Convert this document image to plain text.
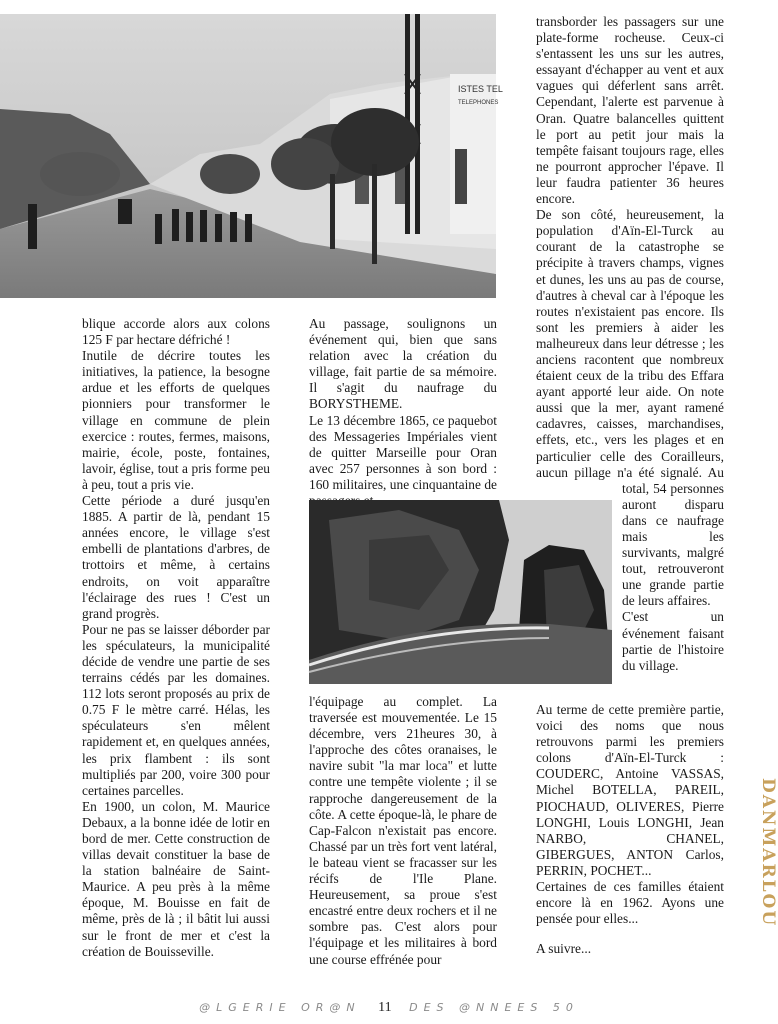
ISTES TEL
TELEPHONES

blique accorde alors aux colons 125 F par hectare défriché !

Inutile de décrire toutes les initiatives, la patience, la besogne ardue et les efforts de quelques pionniers pour transformer le village en commune de plein exercice : routes, fermes, maisons, mairie, école, poste, fontaines, lavoir, église, tout a pris forme peu à peu, tout a pris vie.

Cette période a duré jusqu'en 1885. A partir de là, pendant 15 années encore, le village s'est embelli de plantations d'arbres, de trottoirs et même, à certains endroits, on voit apparaître l'éclairage des rues ! C'est un grand progrès.

Pour ne pas se laisser déborder par les spéculateurs, la municipalité décide de vendre une partie de ses terrains cédés par les domaines. 112 lots seront proposés au prix de 0.75 F le mètre carré. Hélas, les spéculateurs s'en mêlent rapidement et, en quelques années, les prix flambent : ils sont multipliés par 200, voire 300 pour certaines parcelles.

En 1900, un colon, M. Maurice Debaux, a la bonne idée de lotir en bord de mer. Cette construction de villas devait constituer la base de la station balnéaire de Saint-Maurice. A peu près à la même époque, M. Bouisse en fait de même, près de là ; il bâtit lui aussi sur le front de mer et c'est la création de Bouisseville.

Au passage, soulignons un événement qui, bien que sans relation avec la création du village, fait partie de sa mémoire. Il s'agit du naufrage du BORYSTHEME.

Le 13 décembre 1865, ce paquebot des Messageries Impériales vient de quitter Marseille pour Oran avec 257 personnes à son bord : 160 militaires, une cinquantaine de

l'équipage au complet. La traversée est mouvementée. Le 15 décembre, vers 21heures 30, à l'approche des côtes oranaises, le navire subit "la mar loca" et lutte contre une tempête violente ; il se rapproche dangereusement de la côte. A cette époque-là, le phare de Cap-Falcon n'existait pas encore. Chassé par un très fort vent latéral, le bateau vient se fracasser sur les récifs de l'Ile Plane. Heureusement, sa proue s'est encastré entre deux rochers et il ne sombre pas. C'est alors pour l'équipage et les militaires à bord une course effrénée pour

transborder les passagers sur une plate-forme rocheuse. Ceux-ci s'entassent les uns sur les autres, essayant d'échapper au vent et aux vagues qui déferlent sans arrêt. Cependant, l'alerte est parvenue à Oran. Quatre balancelles quittent le port au petit jour mais la tempête faisant toujours rage, elles ne pourront approcher l'épave. Il leur faudra patienter 36 heures encore.

De son côté, heureusement, la population d'Aïn-El-Turck au courant de la catastrophe se précipite à travers champs, vignes et dunes, les uns au pas de course, d'autres à cheval car à l'époque les routes n'existaient pas encore. Ils sont les premiers à aider les malheureux dans leur détresse ; les anciens racontent que nombreux étaient ceux de la tribu des Effara ayant apporté leur aide. On note aussi que la mer, ayant ramené cadavres, caisses, marchandises, effets, etc., vers les plages et en particulier celle des Corailleurs, aucun pillage n'a été signalé. Au total, 54 personnes auront disparu dans ce naufrage mais les survivants, malgré tout, retrouveront une grande partie de leurs affaires.

C'est un événement faisant partie de l'histoire du village.

Au terme de cette première partie, voici des noms que nous retrouvons parmi les premiers colons d'Aïn-El-Turck : COUDERC, Antoine VASSAS, Michel BOTELLA, PAREIL, PIOCHAUD, OLIVERES, Pierre LONGHI, Louis LONGHI, Jean NARBO, CHANEL, GIBERGUES, ANTON Carlos, PERRIN, POCHET...

Certaines de ces familles étaient encore là en 1962. Ayons une pensée pour elles...

A suivre...

@LGERIE OR@N 11 DES @NNEES 50
DANMARLOU
